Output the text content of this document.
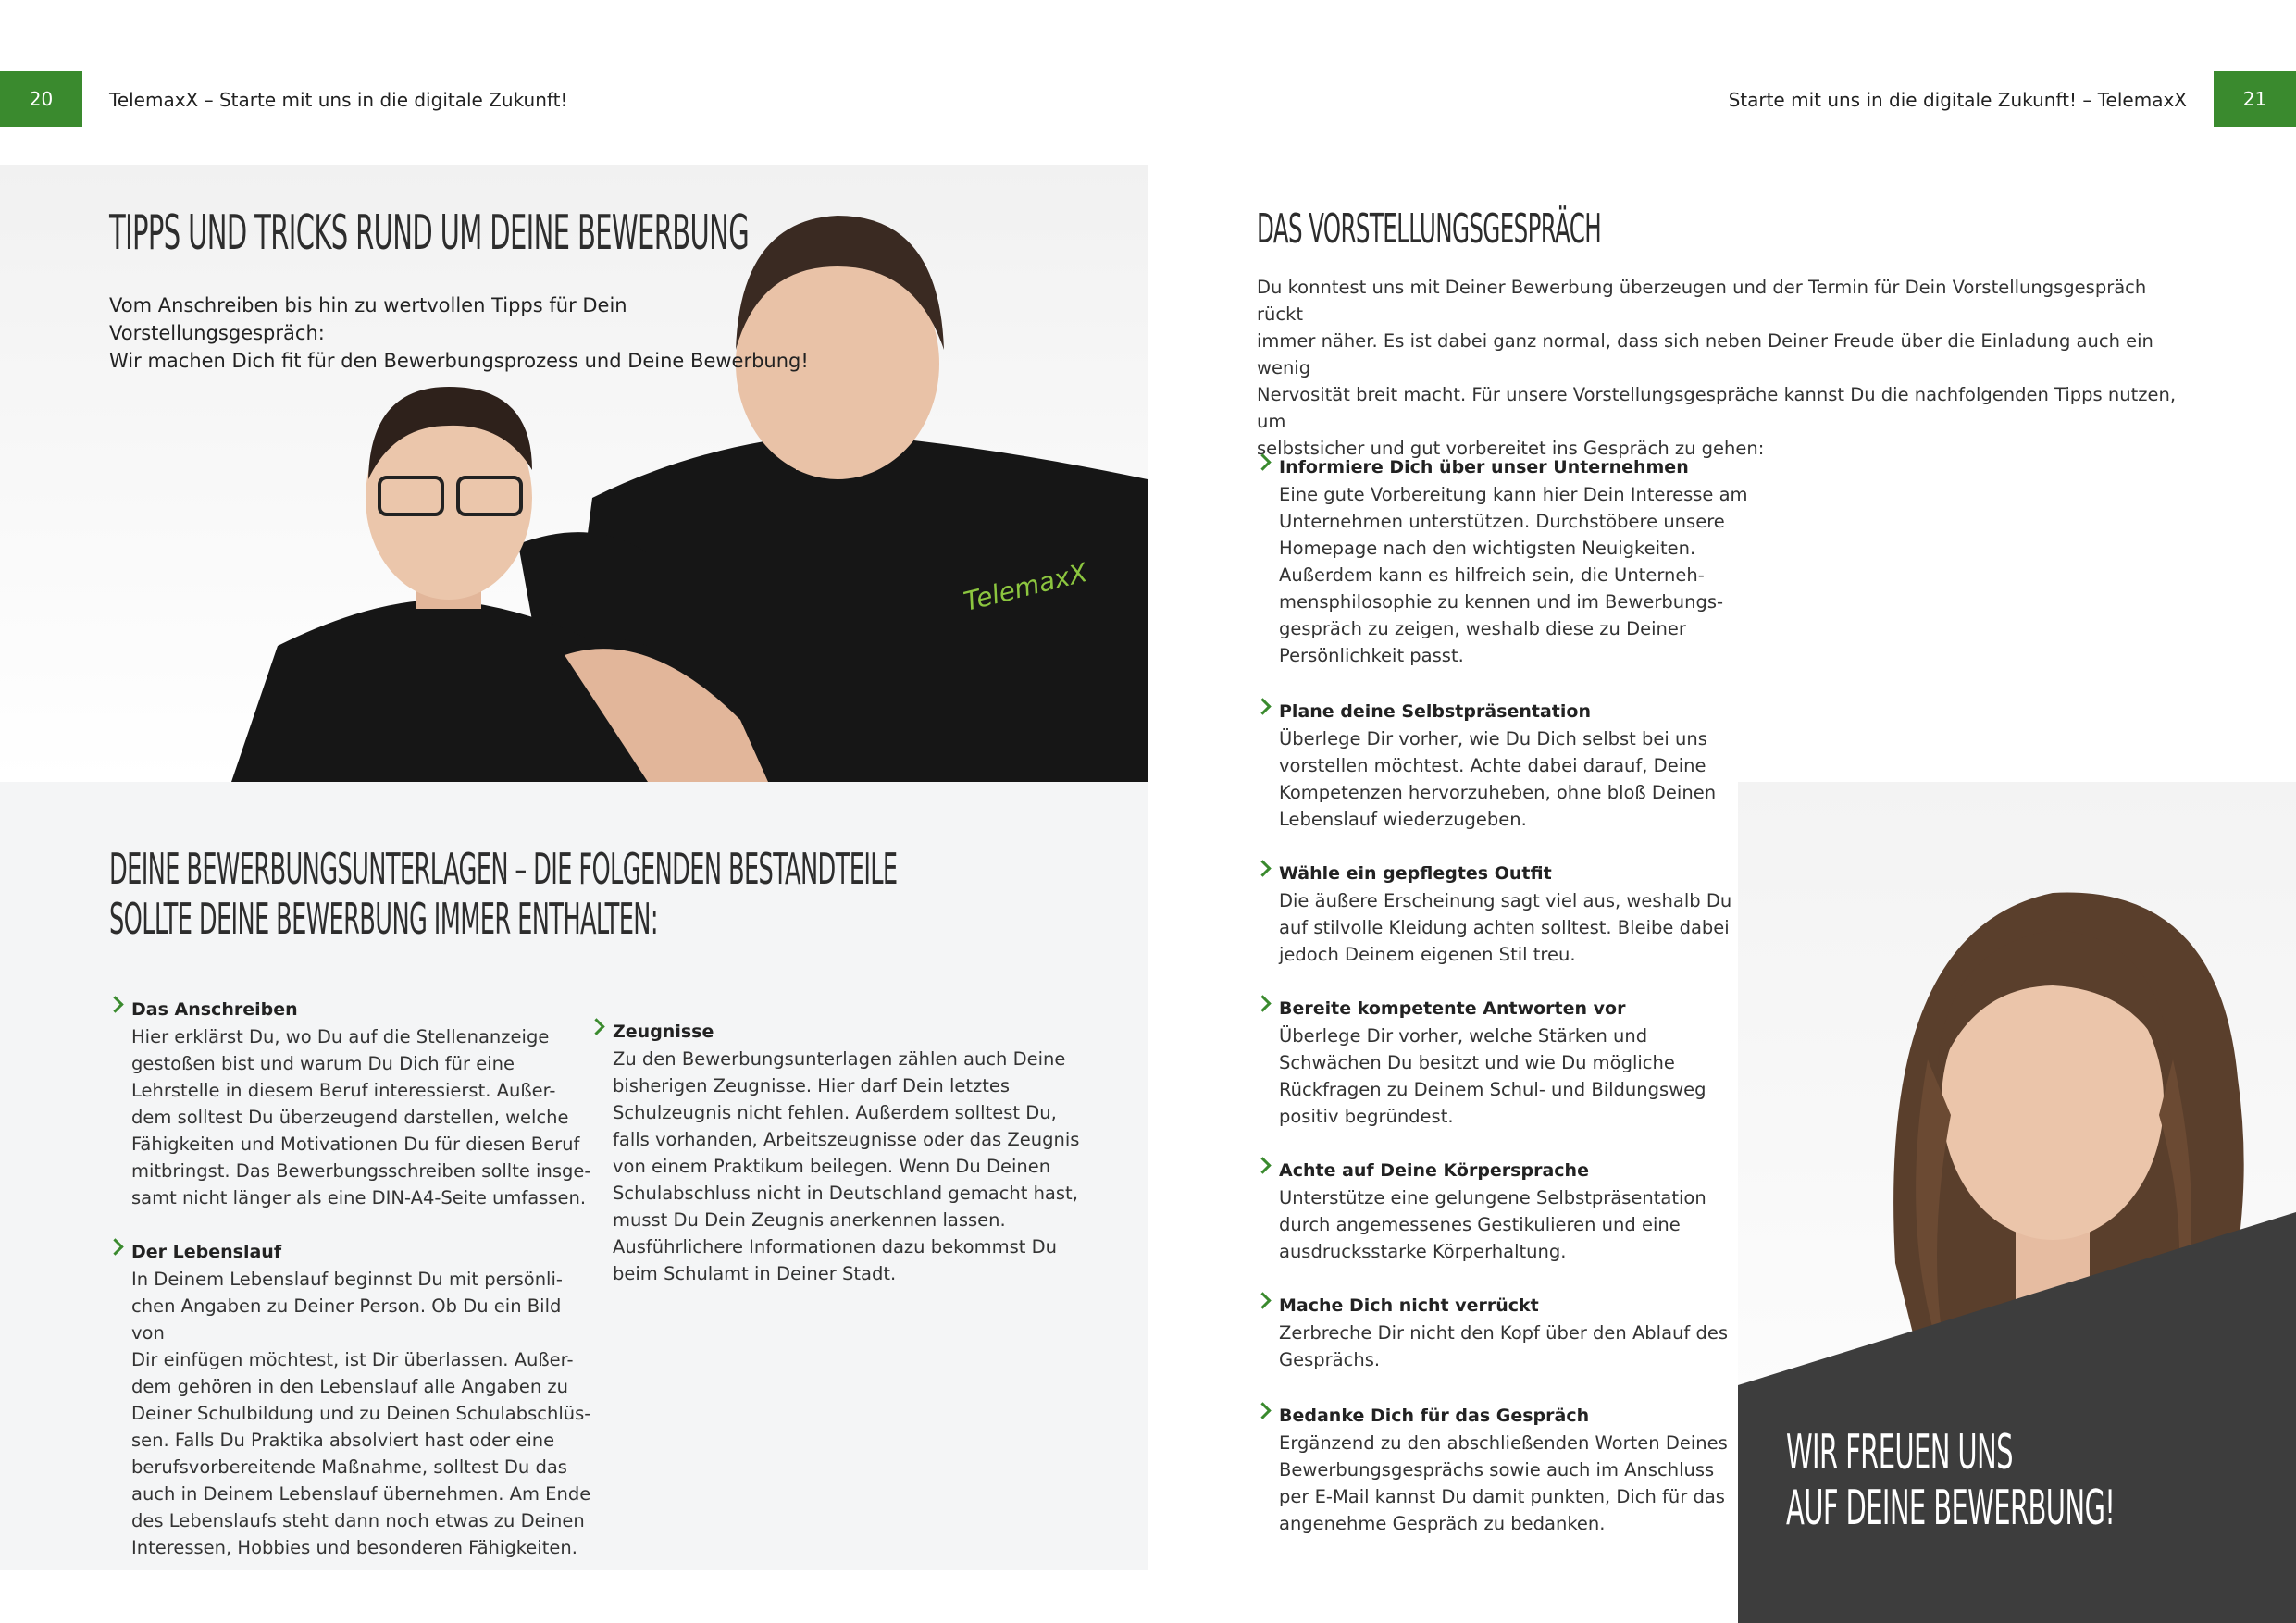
20	TelemaxX – Starte mit uns in die digitale Zukunft!	Starte mit uns in die digitale Zukunft! – TelemaxX	21
TelemaxX
TIPPS UND TRICKS RUND UM DEINE BEWERBUNG
Vom Anschreiben bis hin zu wertvollen Tipps für Dein Vorstellungsgespräch:
Wir machen Dich fit für den Bewerbungsprozess und Deine Bewerbung!
DEINE BEWERBUNGSUNTERLAGEN – DIE FOLGENDEN BESTANDTEILE
SOLLTE DEINE BEWERBUNG IMMER ENTHALTEN:
Das Anschreiben
Hier erklärst Du, wo Du auf die Stellenanzeige
gestoßen bist und warum Du Dich für eine
Lehrstelle in diesem Beruf interessierst. Außer-
dem solltest Du überzeugend darstellen, welche
Fähigkeiten und Motivationen Du für diesen Beruf
mitbringst. Das Bewerbungsschreiben sollte insge-
samt nicht länger als eine DIN-A4-Seite umfassen.
Der Lebenslauf
In Deinem Lebenslauf beginnst Du mit persönli-
chen Angaben zu Deiner Person. Ob Du ein Bild von
Dir einfügen möchtest, ist Dir überlassen. Außer-
dem gehören in den Lebenslauf alle Angaben zu
Deiner Schulbildung und zu Deinen Schulabschlüs-
sen. Falls Du Praktika absolviert hast oder eine
berufsvorbereitende Maßnahme, solltest Du das
auch in Deinem Lebenslauf übernehmen. Am Ende
des Lebenslaufs steht dann noch etwas zu Deinen
Interessen, Hobbies und besonderen Fähigkeiten.
Zeugnisse
Zu den Bewerbungsunterlagen zählen auch Deine
bisherigen Zeugnisse. Hier darf Dein letztes
Schulzeugnis nicht fehlen. Außerdem solltest Du,
falls vorhanden, Arbeitszeugnisse oder das Zeugnis
von einem Praktikum beilegen. Wenn Du Deinen
Schulabschluss nicht in Deutschland gemacht hast,
musst Du Dein Zeugnis anerkennen lassen.
Ausführlichere Informationen dazu bekommst Du
beim Schulamt in Deiner Stadt.
DAS VORSTELLUNGSGESPRÄCH
Du konntest uns mit Deiner Bewerbung überzeugen und der Termin für Dein Vorstellungsgespräch rückt
immer näher. Es ist dabei ganz normal, dass sich neben Deiner Freude über die Einladung auch ein wenig
Nervosität breit macht. Für unsere Vorstellungsgespräche kannst Du die nachfolgenden Tipps nutzen, um
selbstsicher und gut vorbereitet ins Gespräch zu gehen:
WIR FREUEN UNS
AUF DEINE BEWERBUNG!
Informiere Dich über unser Unternehmen
Eine gute Vorbereitung kann hier Dein Interesse am
Unternehmen unterstützen. Durchstöbere unsere
Homepage nach den wichtigsten Neuigkeiten.
Außerdem kann es hilfreich sein, die Unterneh-
mensphilosophie zu kennen und im Bewerbungs-
gespräch zu zeigen, weshalb diese zu Deiner
Persönlichkeit passt.
Plane deine Selbstpräsentation
Überlege Dir vorher, wie Du Dich selbst bei uns
vorstellen möchtest. Achte dabei darauf, Deine
Kompetenzen hervorzuheben, ohne bloß Deinen
Lebenslauf wiederzugeben.
Wähle ein gepflegtes Outfit
Die äußere Erscheinung sagt viel aus, weshalb Du
auf stilvolle Kleidung achten solltest. Bleibe dabei
jedoch Deinem eigenen Stil treu.
Bereite kompetente Antworten vor
Überlege Dir vorher, welche Stärken und
Schwächen Du besitzt und wie Du mögliche
Rückfragen zu Deinem Schul- und Bildungsweg
positiv begründest.
Achte auf Deine Körpersprache
Unterstütze eine gelungene Selbstpräsentation
durch angemessenes Gestikulieren und eine
ausdrucksstarke Körperhaltung.
Mache Dich nicht verrückt
Zerbreche Dir nicht den Kopf über den Ablauf des
Gesprächs.
Bedanke Dich für das Gespräch
Ergänzend zu den abschließenden Worten Deines
Bewerbungsgesprächs sowie auch im Anschluss
per E-Mail kannst Du damit punkten, Dich für das
angenehme Gespräch zu bedanken.
